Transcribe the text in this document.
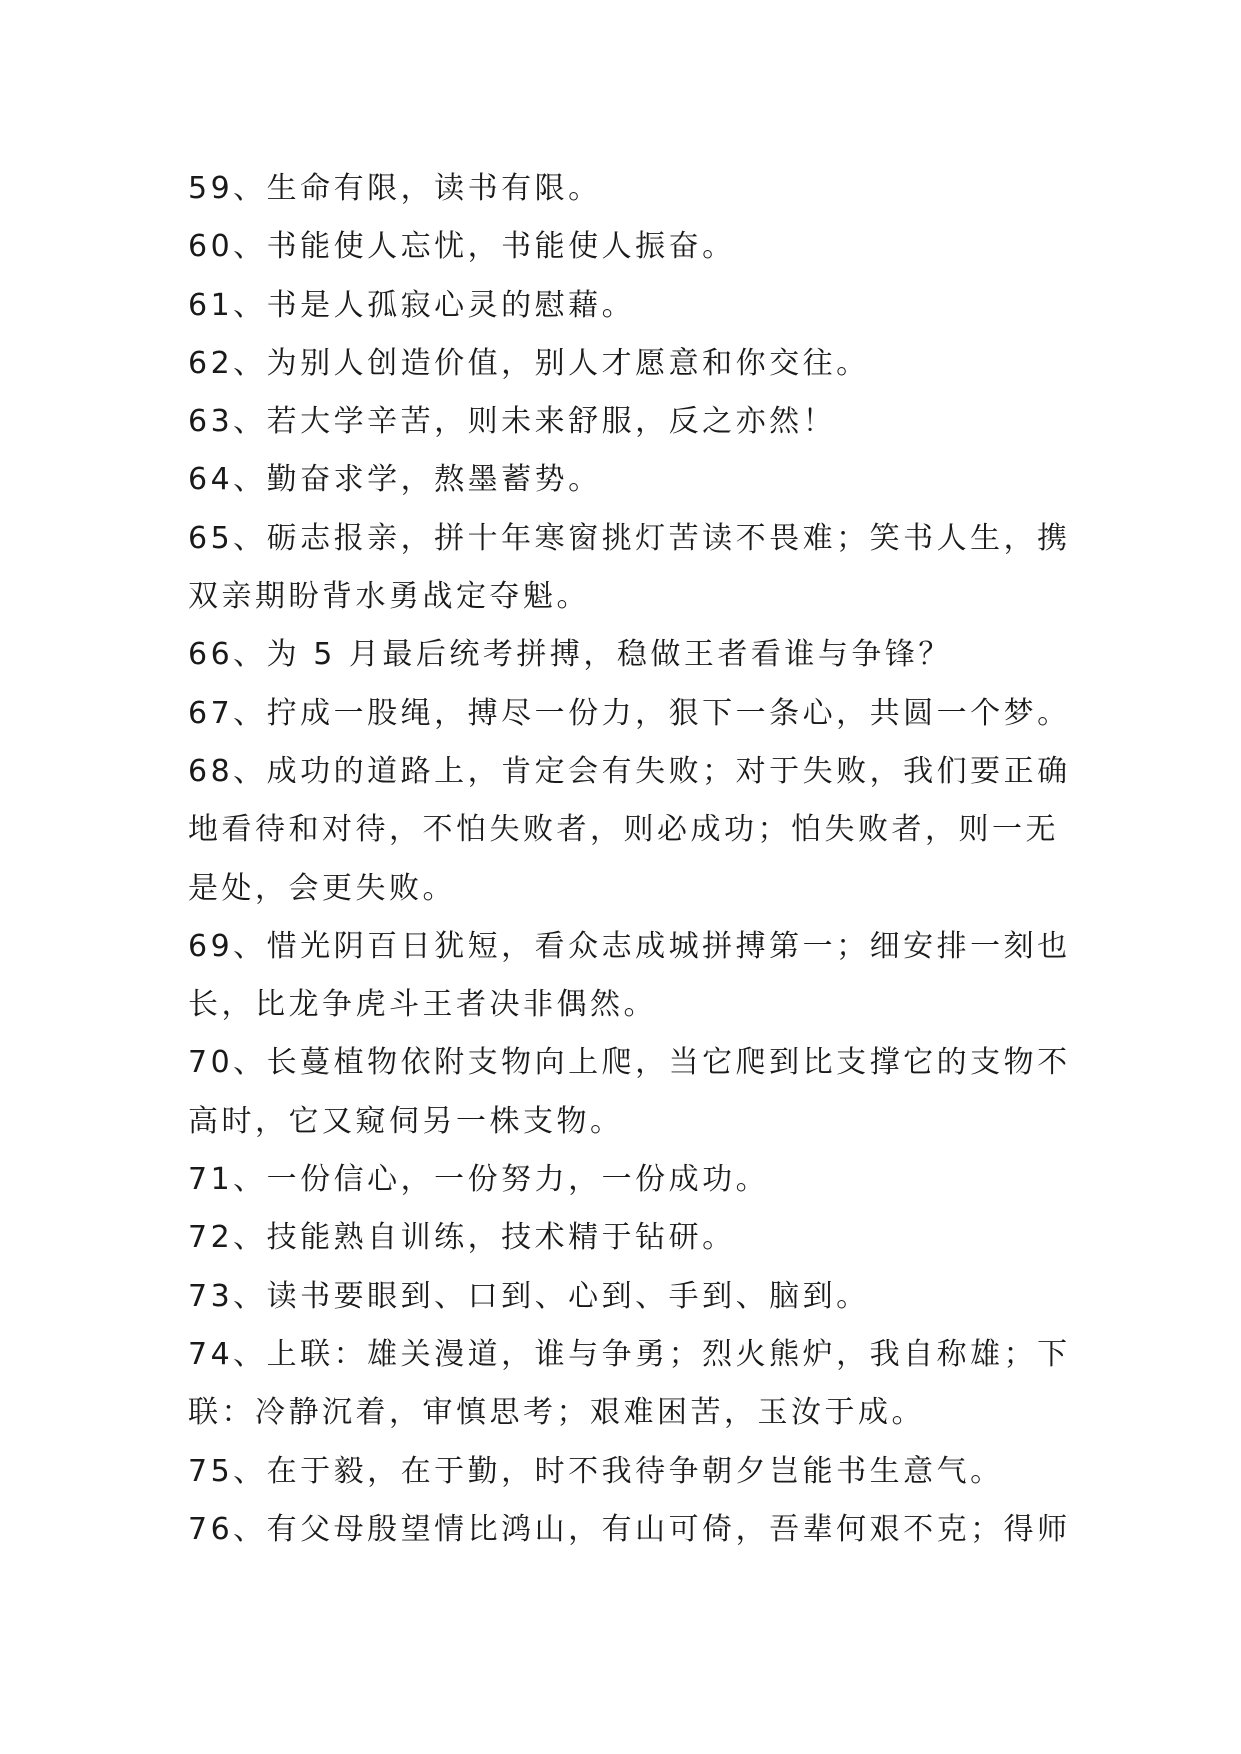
59、生命有限，读书有限。
60、书能使人忘忧，书能使人振奋。
61、书是人孤寂心灵的慰藉。
62、为别人创造价值，别人才愿意和你交往。
63、若大学辛苦，则未来舒服，反之亦然！
64、勤奋求学，熬墨蓄势。
65、砺志报亲，拼十年寒窗挑灯苦读不畏难；笑书人生，携
双亲期盼背水勇战定夺魁。
66、为 5 月最后统考拼搏，稳做王者看谁与争锋？
67、拧成一股绳，搏尽一份力，狠下一条心，共圆一个梦。
68、成功的道路上，肯定会有失败；对于失败，我们要正确
地看待和对待，不怕失败者，则必成功；怕失败者，则一无
是处，会更失败。
69、惜光阴百日犹短，看众志成城拼搏第一；细安排一刻也
长，比龙争虎斗王者决非偶然。
70、长蔓植物依附支物向上爬，当它爬到比支撑它的支物不
高时，它又窥伺另一株支物。
71、一份信心，一份努力，一份成功。
72、技能熟自训练，技术精于钻研。
73、读书要眼到、口到、心到、手到、脑到。
74、上联：雄关漫道，谁与争勇；烈火熊炉，我自称雄；下
联：冷静沉着，审慎思考；艰难困苦，玉汝于成。
75、在于毅，在于勤，时不我待争朝夕岂能书生意气。
76、有父母殷望情比鸿山，有山可倚，吾辈何艰不克；得师
